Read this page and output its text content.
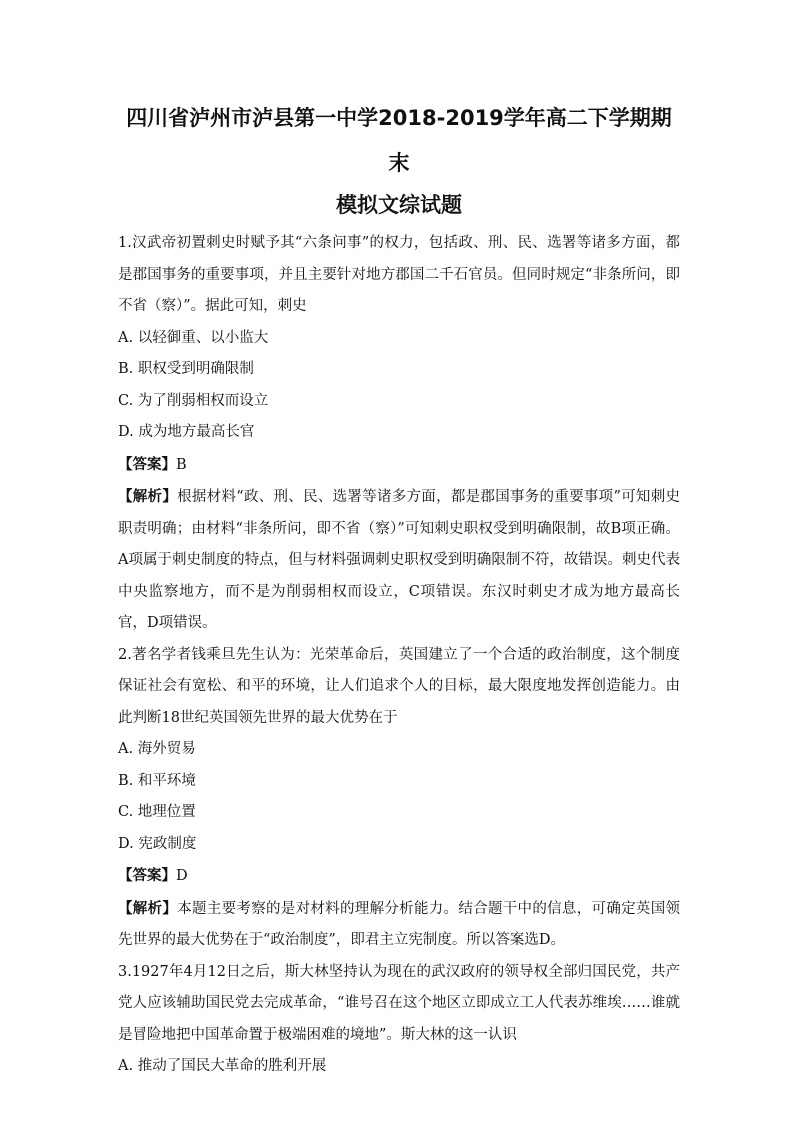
四川省泸州市泸县第一中学2018-2019学年高二下学期期末
模拟文综试题

1.汉武帝初置刺史时赋予其“六条问事”的权力，包括政、刑、民、选署等诸多方面，都是郡国事务的重要事项，并且主要针对地方郡国二千石官员。但同时规定“非条所问，即不省（察）”。据此可知，刺史

A. 以轻御重、以小监大

B. 职权受到明确限制

C. 为了削弱相权而设立

D. 成为地方最高长官

【答案】B

【解析】根据材料“政、刑、民、选署等诸多方面，都是郡国事务的重要事项”可知刺史职责明确；由材料“非条所问，即不省（察）”可知刺史职权受到明确限制，故B项正确。A项属于刺史制度的特点，但与材料强调刺史职权受到明确限制不符，故错误。刺史代表中央监察地方，而不是为削弱相权而设立，C项错误。东汉时刺史才成为地方最高长官，D项错误。

2.著名学者钱乘旦先生认为：光荣革命后，英国建立了一个合适的政治制度，这个制度保证社会有宽松、和平的环境，让人们追求个人的目标，最大限度地发挥创造能力。由此判断18世纪英国领先世界的最大优势在于

A. 海外贸易

B. 和平环境

C. 地理位置

D. 宪政制度

【答案】D

【解析】本题主要考察的是对材料的理解分析能力。结合题干中的信息，可确定英国领先世界的最大优势在于“政治制度”，即君主立宪制度。所以答案选D。

3.1927年4月12日之后，斯大林坚持认为现在的武汉政府的领导权全部归国民党，共产党人应该辅助国民党去完成革命，“谁号召在这个地区立即成立工人代表苏维埃……谁就是冒险地把中国革命置于极端困难的境地”。斯大林的这一认识

A. 推动了国民大革命的胜利开展
